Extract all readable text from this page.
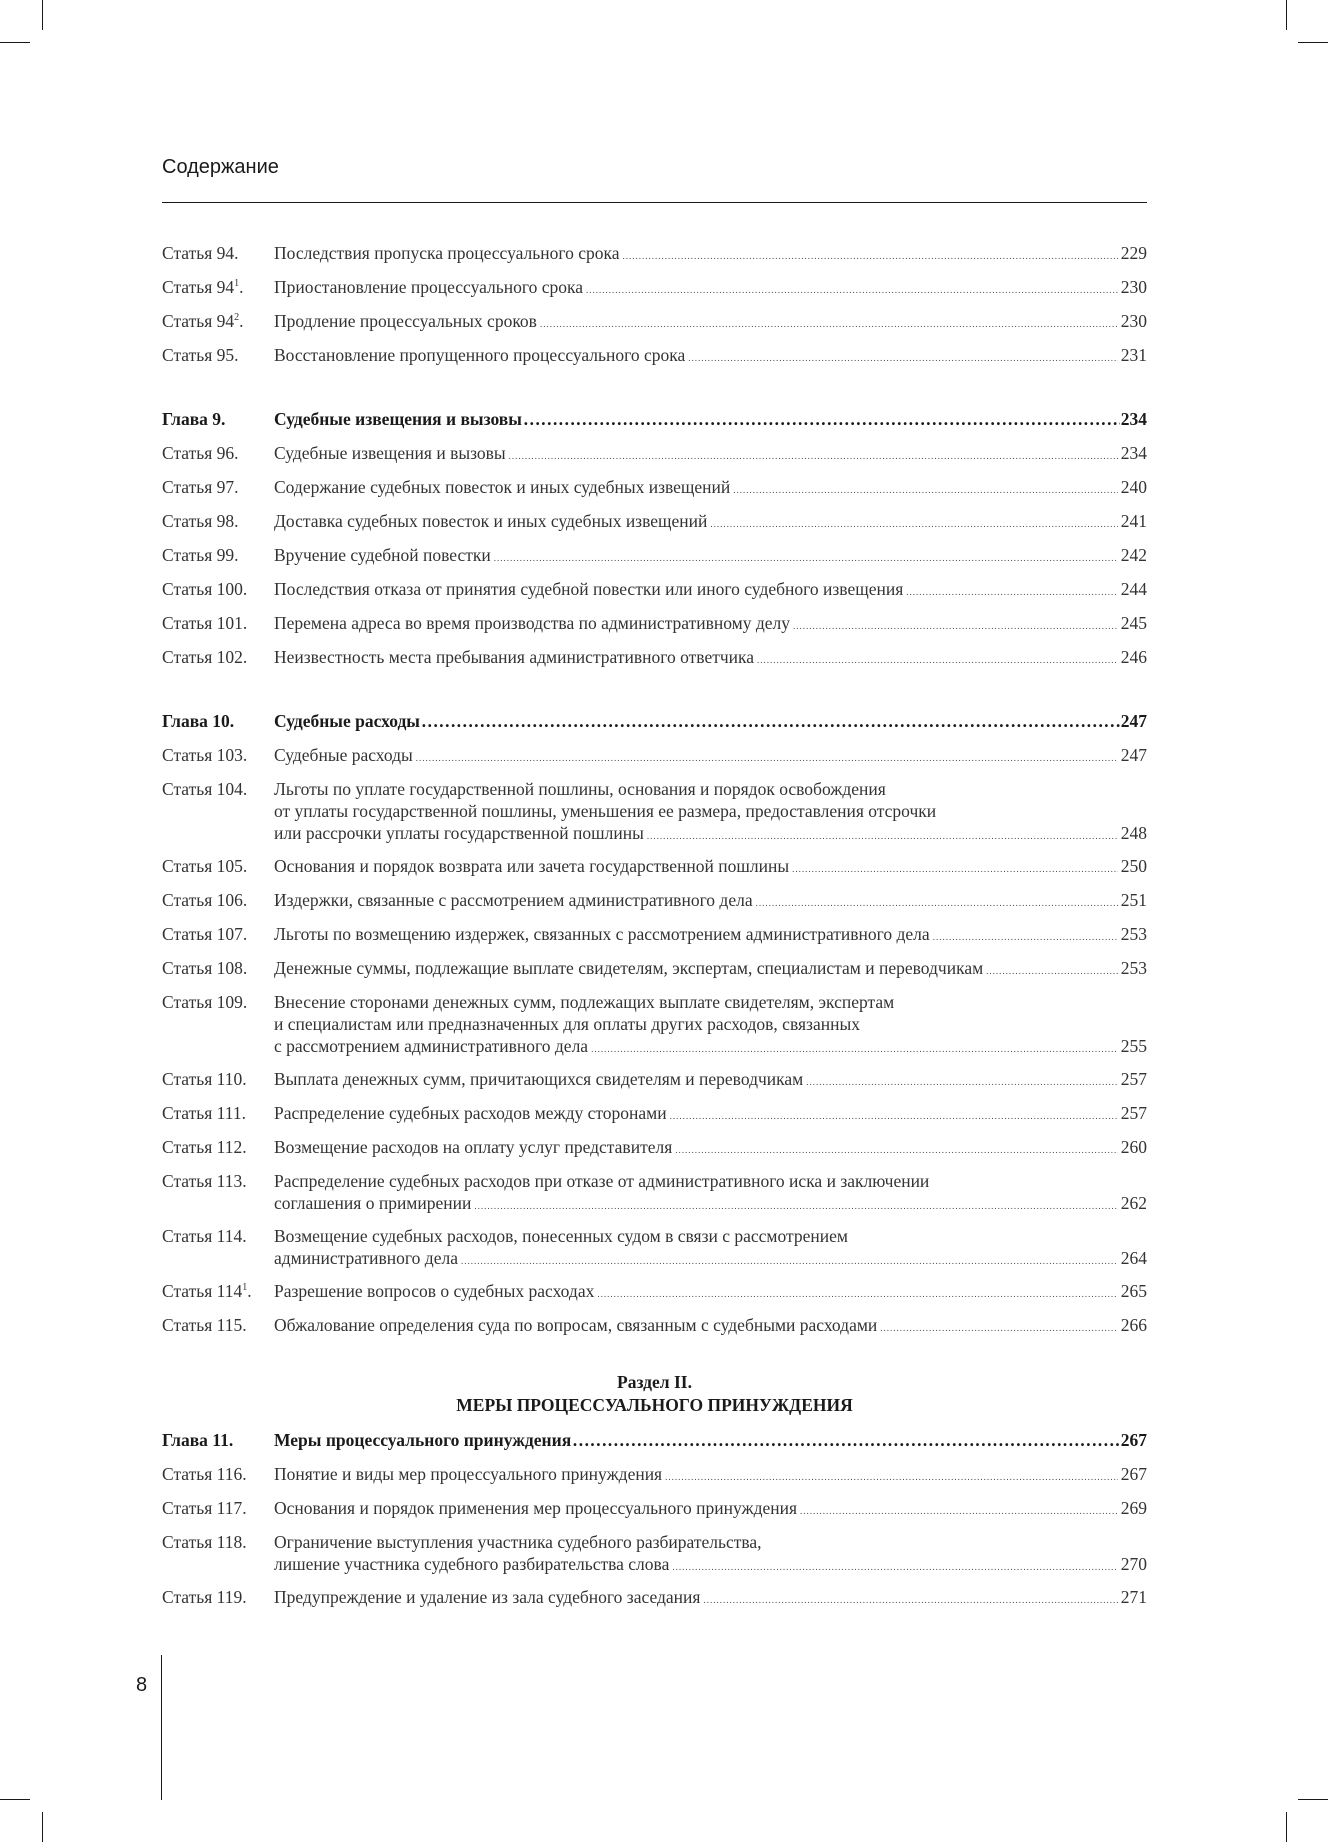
Содержание
Статья 94. Последствия пропуска процессуального срока .....	229
Статья $94^1$. Приостановление процессуального срока .....	230
Статья $94^2$. Продление процессуальных сроков .....	230
Статья 95. Восстановление пропущенного процессуального срока .....	231
Глава 9.	Судебные извещения и вызовы …………………………………………………………………………………………………………………………………………………………………………………………………………………………………………………………………………………………………………………	234
Статья 96. Судебные извещения и вызовы .....	234
Статья 97. Содержание судебных повесток и иных судебных извещений .....	240
Статья 98. Доставка судебных повесток и иных судебных извещений .....	241
Статья 99. Вручение судебной повестки .....	242
Статья 100. Последствия отказа от принятия судебной повестки или иного судебного извещения .....	244
Статья 101. Перемена адреса во время производства по административному делу .....	245
Статья 102. Неизвестность места пребывания административного ответчика .....	246
Глава 10. Судебные расходы …………………………………………………………………………………………………………………………………………………………………………………………………………………………………………………………………………………………………………………	247
Статья 103. Судебные расходы .....	247
Статья 104. Льготы по уплате государственной пошлины, основания и порядок освобождения
от уплаты государственной пошлины, уменьшения ее размера, предоставления отсрочки
или рассрочки уплаты государственной пошлины .....	248
Статья 105. Основания и порядок возврата или зачета государственной пошлины .....	250
Статья 106. Издержки, связанные с рассмотрением административного дела .....	251
Статья 107. Льготы по возмещению издержек, связанных с рассмотрением административного дела .....	253
Статья 108. Денежные суммы, подлежащие выплате свидетелям, экспертам, специалистам и переводчикам .....	253
Статья 109. Внесение сторонами денежных сумм, подлежащих выплате свидетелям, экспертам
и специалистам или предназначенных для оплаты других расходов, связанных
с рассмотрением административного дела .....	255
Статья 110. Выплата денежных сумм, причитающихся свидетелям и переводчикам .....	257
Статья 111. Распределение судебных расходов между сторонами .....	257
Статья 112. Возмещение расходов на оплату услуг представителя .....	260
Статья 113. Распределение судебных расходов при отказе от административного иска и заключении
соглашения о примирении .....	262
Статья 114. Возмещение судебных расходов, понесенных судом в связи с рассмотрением
административного дела .....	264
Статья $114^1$. Разрешение вопросов о судебных расходах .....	265
Статья 115. Обжалование определения суда по вопросам, связанным с судебными расходами .....	266
Раздел II.
МЕРЫ ПРОЦЕССУАЛЬНОГО ПРИНУЖДЕНИЯ
Глава 11. Меры процессуального принуждения …………………………………………………………………………………………………………………………………………………………………………………………………………………………………………………………………………………………………………………	267
Статья 116. Понятие и виды мер процессуального принуждения .....	267
Статья 117. Основания и порядок применения мер процессуального принуждения .....	269
Статья 118. Ограничение выступления участника судебного разбирательства,
лишение участника судебного разбирательства слова .....	270
Статья 119. Предупреждение и удаление из зала судебного заседания .....	271
8
